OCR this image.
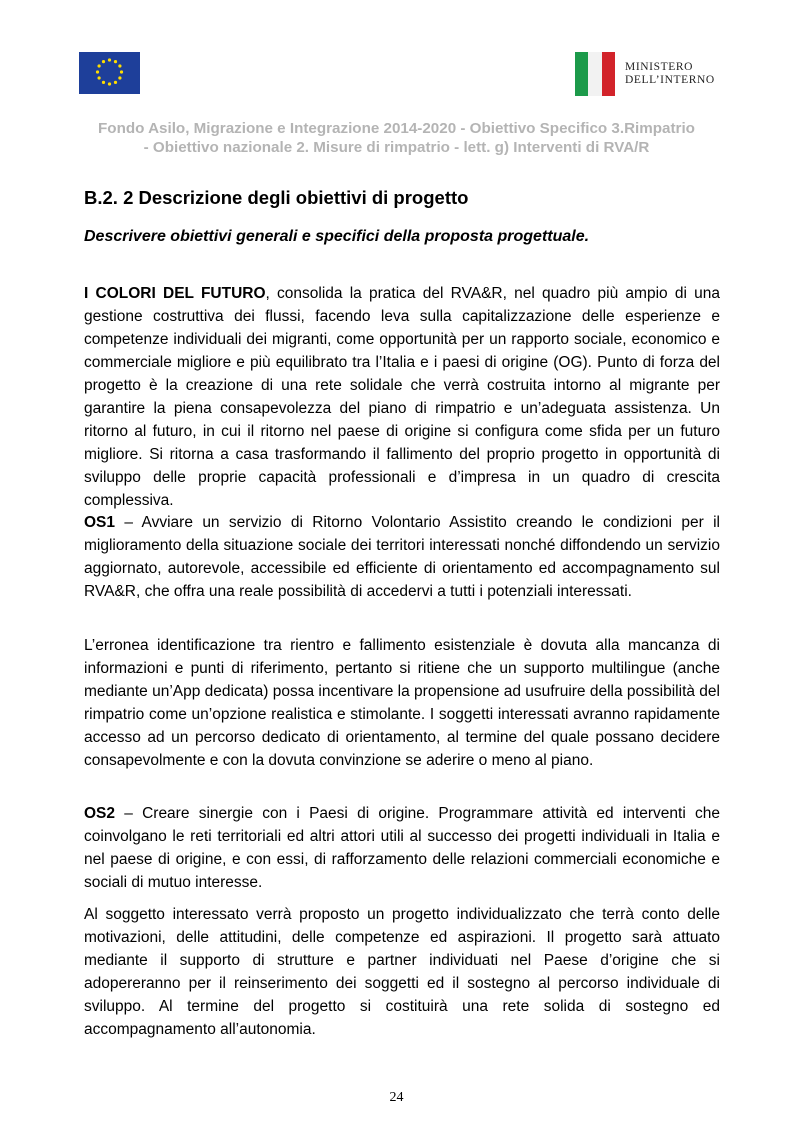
MINISTERO
DELL’INTERNO
Fondo Asilo, Migrazione e Integrazione 2014-2020 - Obiettivo Specifico 3.Rimpatrio
- Obiettivo nazionale 2. Misure di rimpatrio - lett. g) Interventi di RVA/R
B.2. 2 Descrizione degli obiettivi di progetto
Descrivere obiettivi generali e specifici della proposta progettuale.

I COLORI DEL FUTURO, consolida la pratica del RVA&R, nel quadro più ampio di una gestione costruttiva dei flussi, facendo leva sulla capitalizzazione delle esperienze e competenze individuali dei migranti, come opportunità per un rapporto sociale, economico e commerciale migliore e più equilibrato tra l’Italia e i paesi di origine (OG). Punto di forza del progetto è la creazione di una rete solidale che verrà costruita intorno al migrante per garantire la piena consapevolezza del piano di rimpatrio e un’adeguata assistenza. Un ritorno al futuro, in cui il ritorno nel paese di origine si configura come sfida per un futuro migliore. Si ritorna a casa trasformando il fallimento del proprio progetto in opportunità di sviluppo delle proprie capacità professionali e d’impresa in un quadro di crescita complessiva.

OS1 – Avviare un servizio di Ritorno Volontario Assistito creando le condizioni per il miglioramento della situazione sociale dei territori interessati nonché diffondendo un servizio aggiornato, autorevole, accessibile ed efficiente di orientamento ed accompagnamento sul RVA&R, che offra una reale possibilità di accedervi a tutti i potenziali interessati.

L’erronea identificazione tra rientro e fallimento esistenziale è dovuta alla mancanza di informazioni e punti di riferimento, pertanto si ritiene che un supporto multilingue (anche mediante un’App dedicata) possa incentivare la propensione ad usufruire della possibilità del rimpatrio come un’opzione realistica e stimolante. I soggetti interessati avranno rapidamente accesso ad un percorso dedicato di orientamento, al termine del quale possano decidere consapevolmente e con la dovuta convinzione se aderire o meno al piano.

OS2 – Creare sinergie con i Paesi di origine. Programmare attività ed interventi che coinvolgano le reti territoriali ed altri attori utili al successo dei progetti individuali in Italia e nel paese di origine, e con essi, di rafforzamento delle relazioni commerciali economiche e sociali di mutuo interesse.

Al soggetto interessato verrà proposto un progetto individualizzato che terrà conto delle motivazioni, delle attitudini, delle competenze ed aspirazioni. Il progetto sarà attuato mediante il supporto di strutture e partner individuati nel Paese d’origine che si adopereranno per il reinserimento dei soggetti ed il sostegno al percorso individuale di sviluppo. Al termine del progetto si costituirà una rete solida di sostegno ed accompagnamento all’autonomia.

24
